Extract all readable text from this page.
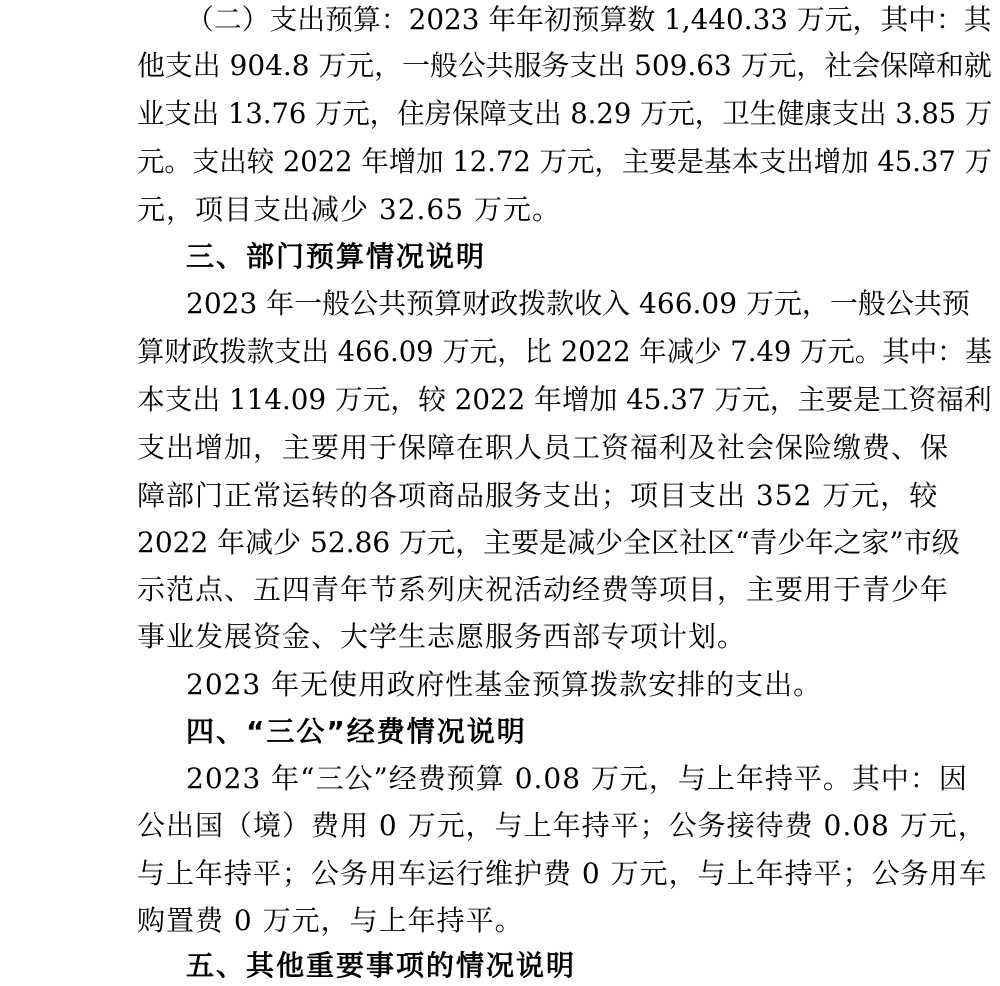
（二）支出预算：2023 年年初预算数 1,440.33 万元，其中：其
他支出 904.8 万元，一般公共服务支出 509.63 万元，社会保障和就
业支出 13.76 万元，住房保障支出 8.29 万元，卫生健康支出 3.85 万
元。支出较 2022 年增加 12.72 万元，主要是基本支出增加 45.37 万
元，项目支出减少 32.65 万元。
三、部门预算情况说明
2023 年一般公共预算财政拨款收入 466.09 万元，一般公共预
算财政拨款支出 466.09 万元，比 2022 年减少 7.49 万元。其中：基
本支出 114.09 万元，较 2022 年增加 45.37 万元，主要是工资福利
支出增加，主要用于保障在职人员工资福利及社会保险缴费、保
障部门正常运转的各项商品服务支出；项目支出 352 万元，较
2022 年减少 52.86 万元，主要是减少全区社区“青少年之家”市级
示范点、五四青年节系列庆祝活动经费等项目，主要用于青少年
事业发展资金、大学生志愿服务西部专项计划。
2023 年无使用政府性基金预算拨款安排的支出。
四、“三公”经费情况说明
2023 年“三公”经费预算 0.08 万元，与上年持平。其中：因
公出国（境）费用 0 万元，与上年持平；公务接待费 0.08 万元，
与上年持平；公务用车运行维护费 0 万元，与上年持平；公务用车
购置费 0 万元，与上年持平。
五、其他重要事项的情况说明
